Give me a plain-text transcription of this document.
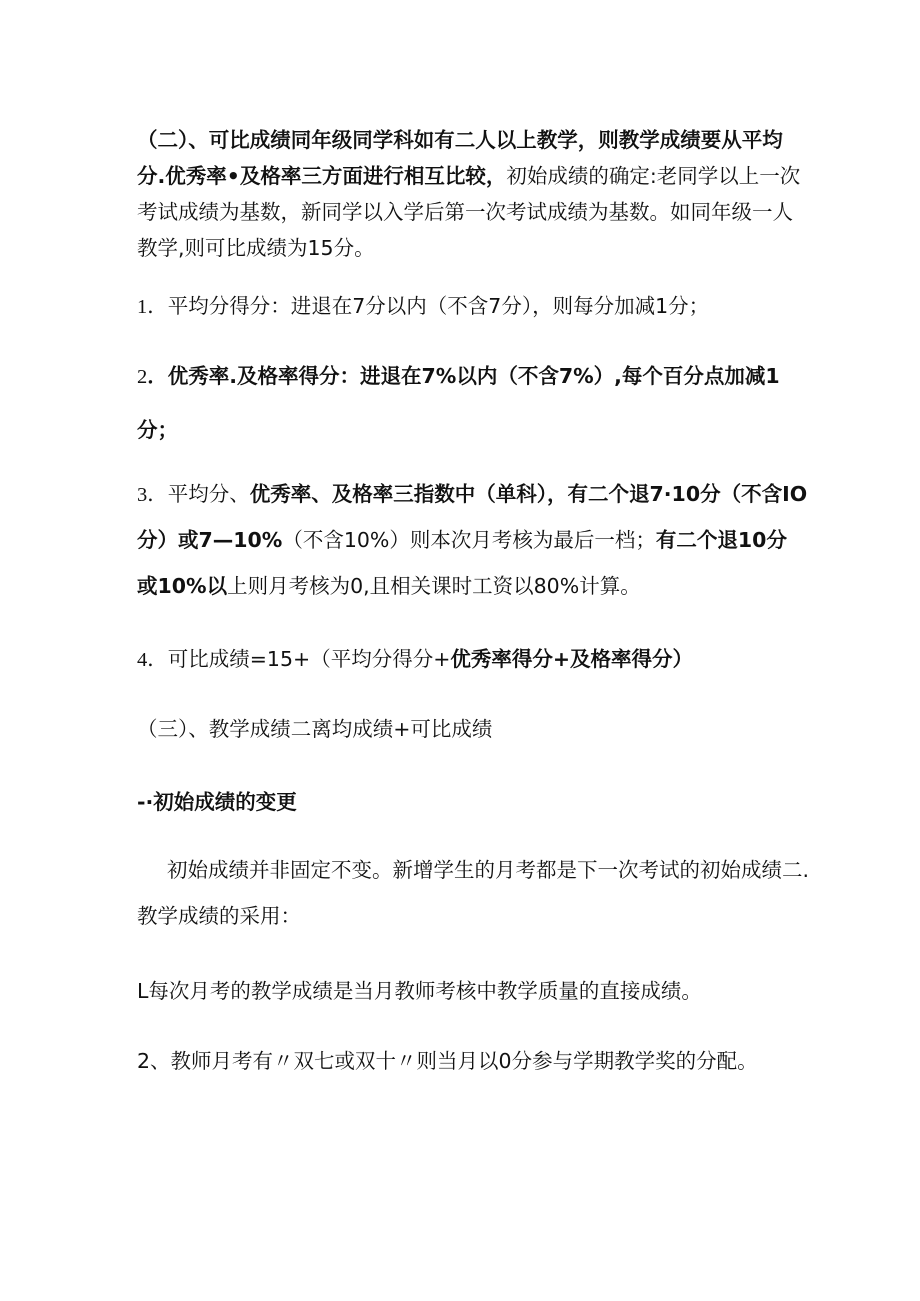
（二）、可比成绩同年级同学科如有二人以上教学，则教学成绩要从平均
分.优秀率•及格率三方面进行相互比较，初始成绩的确定:老同学以上一次
考试成绩为基数，新同学以入学后第一次考试成绩为基数。如同年级一人
教学,则可比成绩为15分。
1．平均分得分：进退在7分以内（不含7分），则每分加减1分；
2．优秀率.及格率得分：进退在7%以内（不含7%）,每个百分点加减1
分；
3．平均分、优秀率、及格率三指数中（单科），有二个退7·10分（不含IO
分）或7—10%（不含10%）则本次月考核为最后一档；有二个退10分
或10%以上则月考核为0,且相关课时工资以80%计算。
4．可比成绩=15+（平均分得分+优秀率得分+及格率得分）
（三）、教学成绩二离均成绩+可比成绩
-·初始成绩的变更
初始成绩并非固定不变。新增学生的月考都是下一次考试的初始成绩二.
教学成绩的采用：
L每次月考的教学成绩是当月教师考核中教学质量的直接成绩。
2、教师月考有〃双七或双十〃则当月以0分参与学期教学奖的分配。
